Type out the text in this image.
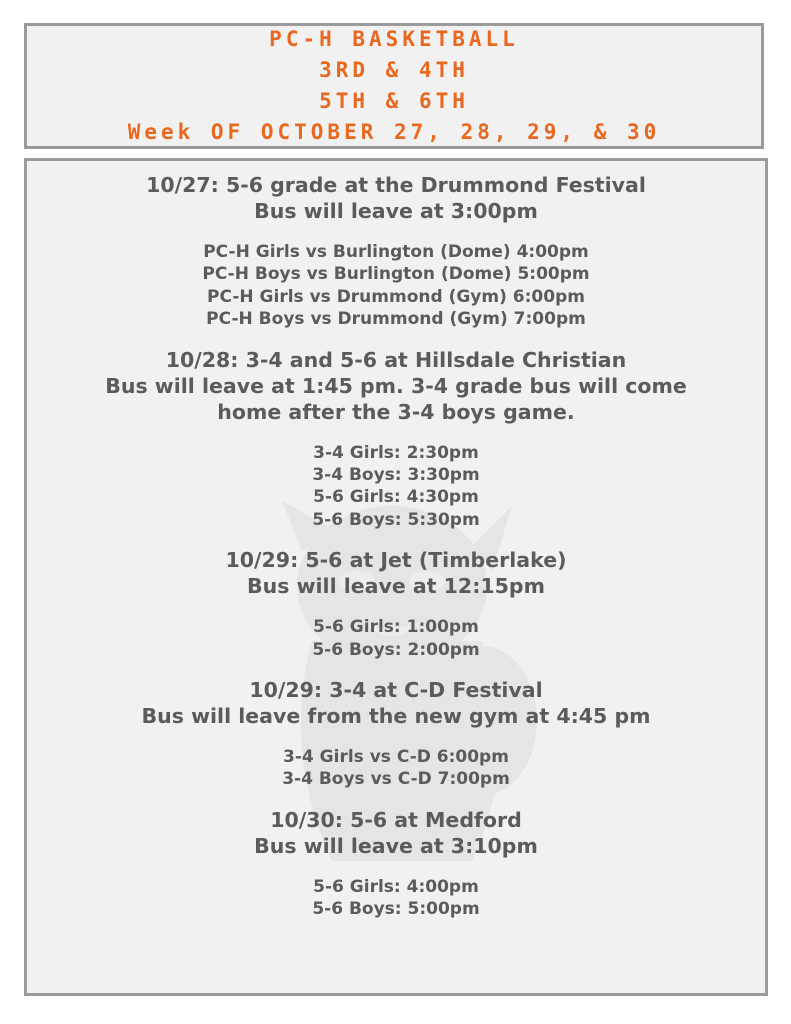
PC-H BASKETBALL
3RD & 4TH
5TH & 6TH
Week OF OCTOBER 27, 28, 29, & 30
10/27: 5-6 grade at the Drummond Festival
Bus will leave at 3:00pm
PC-H Girls vs Burlington (Dome) 4:00pm
PC-H Boys vs Burlington (Dome) 5:00pm
PC-H Girls vs Drummond (Gym) 6:00pm
PC-H Boys vs Drummond (Gym) 7:00pm
10/28: 3-4 and 5-6 at Hillsdale Christian
Bus will leave at 1:45 pm. 3-4 grade bus will come
home after the 3-4 boys game.
3-4 Girls: 2:30pm
3-4 Boys: 3:30pm
5-6 Girls: 4:30pm
5-6 Boys: 5:30pm
10/29: 5-6 at Jet (Timberlake)
Bus will leave at 12:15pm
5-6 Girls: 1:00pm
5-6 Boys: 2:00pm
10/29: 3-4 at C-D Festival
Bus will leave from the new gym at 4:45 pm
3-4 Girls vs C-D 6:00pm
3-4 Boys vs C-D 7:00pm
10/30: 5-6 at Medford
Bus will leave at 3:10pm
5-6 Girls: 4:00pm
5-6 Boys: 5:00pm
